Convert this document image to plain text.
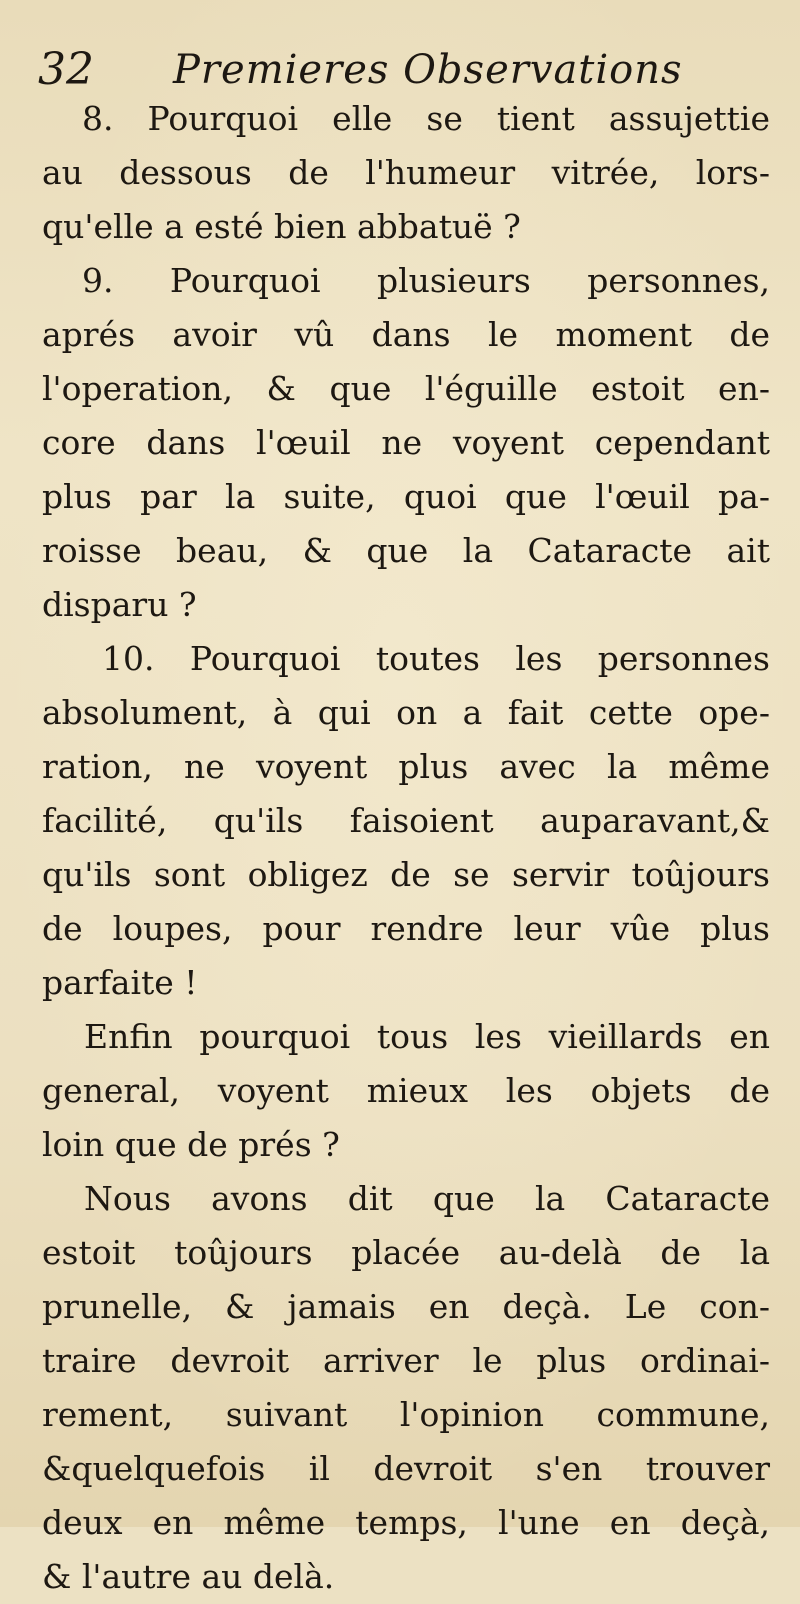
32 Premieres Observations
8. Pourquoi elle se tient assujettie
au dessous de l'humeur vitrée, lors-
qu'elle a esté bien abbatuë ?
9. Pourquoi plusieurs personnes,
aprés avoir vû dans le moment de
l'operation, & que l'éguille estoit en-
core dans l'œuil ne voyent cependant
plus par la suite, quoi que l'œuil pa-
roisse beau, & que la Cataracte ait
disparu ?
10. Pourquoi toutes les personnes
absolument, à qui on a fait cette ope-
ration, ne voyent plus avec la même
facilité, qu'ils faisoient auparavant,&
qu'ils sont obligez de se servir toûjours
de loupes, pour rendre leur vûe plus
parfaite !
Enfin pourquoi tous les vieillards en
general, voyent mieux les objets de
loin que de prés ?
Nous avons dit que la Cataracte
estoit toûjours placée au-delà de la
prunelle, & jamais en deçà. Le con-
traire devroit arriver le plus ordinai-
rement, suivant l'opinion commune,
&quelquefois il devroit s'en trouver
deux en même temps, l'une en deçà,
& l'autre au delà.
